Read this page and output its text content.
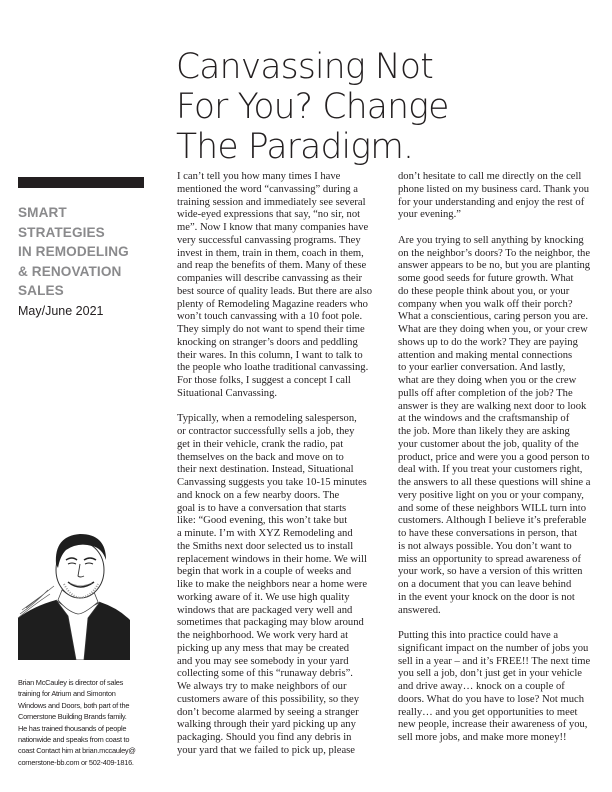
Canvassing Not
For You? Change
The Paradigm.
SMART
STRATEGIES
IN REMODELING
& RENOVATION
SALES
May/June 2021
Brian McCauley is director of sales
training for Atrium and Simonton
Windows and Doors, both part of the
Cornerstone Building Brands family.
He has trained thousands of people
nationwide and speaks from coast to
coast Contact him at brian.mccauley@
cornerstone-bb.com or 502-409-1816.

I can’t tell you how many times I have
mentioned the word “canvassing” during a
training session and immediately see several
wide-eyed expressions that say, “no sir, not
me”. Now I know that many companies have
very successful canvassing programs. They
invest in them, train in them, coach in them,
and reap the benefits of them. Many of these
companies will describe canvassing as their
best source of quality leads. But there are also
plenty of Remodeling Magazine readers who
won’t touch canvassing with a 10 foot pole.
They simply do not want to spend their time
knocking on stranger’s doors and peddling
their wares. In this column, I want to talk to
the people who loathe traditional canvassing.
For those folks, I suggest a concept I call
Situational Canvassing.

Typically, when a remodeling salesperson,
or contractor successfully sells a job, they
get in their vehicle, crank the radio, pat
themselves on the back and move on to
their next destination. Instead, Situational
Canvassing suggests you take 10-15 minutes
and knock on a few nearby doors. The
goal is to have a conversation that starts
like: “Good evening, this won’t take but
a minute. I’m with XYZ Remodeling and
the Smiths next door selected us to install
replacement windows in their home. We will
begin that work in a couple of weeks and
like to make the neighbors near a home were
working aware of it. We use high quality
windows that are packaged very well and
sometimes that packaging may blow around
the neighborhood. We work very hard at
picking up any mess that may be created
and you may see somebody in your yard
collecting some of this “runaway debris”.
We always try to make neighbors of our
customers aware of this possibility, so they
don’t become alarmed by seeing a stranger
walking through their yard picking up any
packaging. Should you find any debris in
your yard that we failed to pick up, please

don’t hesitate to call me directly on the cell
phone listed on my business card. Thank you
for your understanding and enjoy the rest of
your evening.”

Are you trying to sell anything by knocking
on the neighbor’s doors? To the neighbor, the
answer appears to be no, but you are planting
some good seeds for future growth. What
do these people think about you, or your
company when you walk off their porch?
What a conscientious, caring person you are.
What are they doing when you, or your crew
shows up to do the work? They are paying
attention and making mental connections
to your earlier conversation. And lastly,
what are they doing when you or the crew
pulls off after completion of the job? The
answer is they are walking next door to look
at the windows and the craftsmanship of
the job. More than likely they are asking
your customer about the job, quality of the
product, price and were you a good person to
deal with. If you treat your customers right,
the answers to all these questions will shine a
very positive light on you or your company,
and some of these neighbors WILL turn into
customers. Although I believe it’s preferable
to have these conversations in person, that
is not always possible. You don’t want to
miss an opportunity to spread awareness of
your work, so have a version of this written
on a document that you can leave behind
in the event your knock on the door is not
answered.

Putting this into practice could have a
significant impact on the number of jobs you
sell in a year – and it’s FREE!! The next time
you sell a job, don’t just get in your vehicle
and drive away… knock on a couple of
doors. What do you have to lose? Not much
really… and you get opportunities to meet
new people, increase their awareness of you,
sell more jobs, and make more money!!
